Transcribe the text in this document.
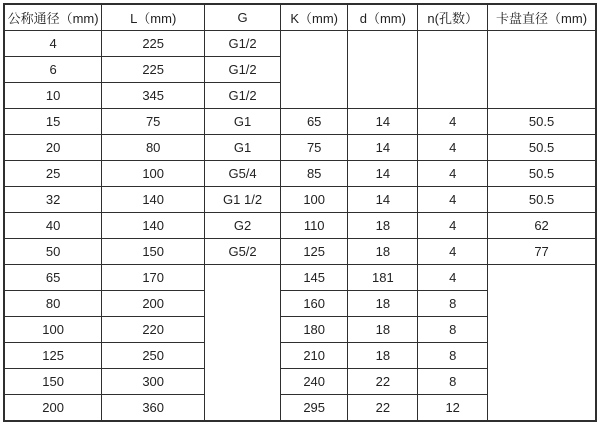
公称通径（mm)	L（mm)	G	K（mm)	d（mm)	n(孔数）	卡盘直径（mm)
4	225	G1/2				
6	225	G1/2				
10	345	G1/2				
15	75	G1	65	14	4	50.5
20	80	G1	75	14	4	50.5
25	100	G5/4	85	14	4	50.5
32	140	G1 1/2	100	14	4	50.5
40	140	G2	110	18	4	62
50	150	G5/2	125	18	4	77
65	170		145	181	4	
80	200		160	18	8	
100	220		180	18	8	
125	250		210	18	8	
150	300		240	22	8	
200	360		295	22	12	
